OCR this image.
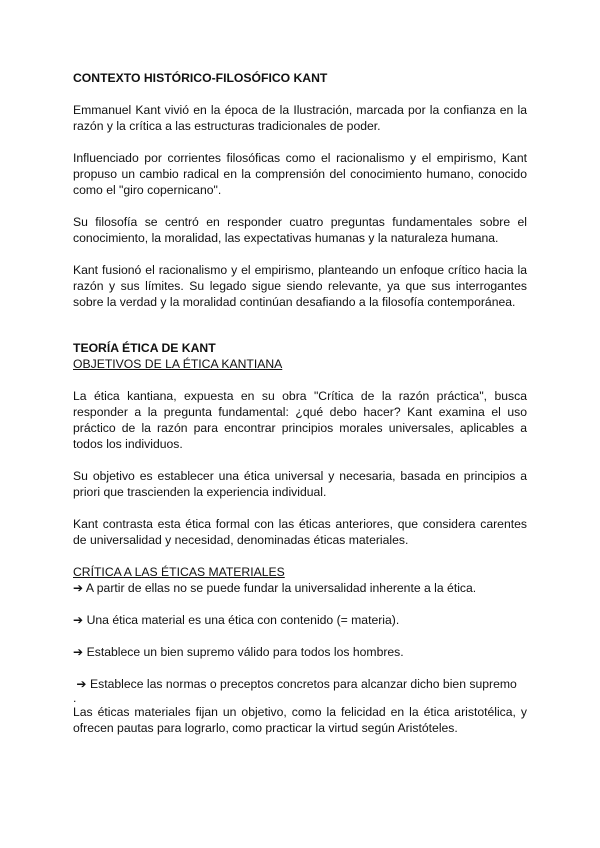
CONTEXTO HISTÓRICO-FILOSÓFICO KANT

Emmanuel Kant vivió en la época de la Ilustración, marcada por la confianza en la razón y la crítica a las estructuras tradicionales de poder.

Influenciado por corrientes filosóficas como el racionalismo y el empirismo, Kant propuso un cambio radical en la comprensión del conocimiento humano, conocido como el "giro copernicano".

Su filosofía se centró en responder cuatro preguntas fundamentales sobre el conocimiento, la moralidad, las expectativas humanas y la naturaleza humana.

Kant fusionó el racionalismo y el empirismo, planteando un enfoque crítico hacia la razón y sus límites. Su legado sigue siendo relevante, ya que sus interrogantes sobre la verdad y la moralidad continúan desafiando a la filosofía contemporánea.

TEORÍA ÉTICA DE KANT

OBJETIVOS DE LA ÉTICA KANTIANA

La ética kantiana, expuesta en su obra "Crítica de la razón práctica", busca responder a la pregunta fundamental: ¿qué debo hacer? Kant examina el uso práctico de la razón para encontrar principios morales universales, aplicables a todos los individuos.

Su objetivo es establecer una ética universal y necesaria, basada en principios a priori que trascienden la experiencia individual.

Kant contrasta esta ética formal con las éticas anteriores, que considera carentes de universalidad y necesidad, denominadas éticas materiales.

CRÍTICA A LAS ÉTICAS MATERIALES

➔ A partir de ellas no se puede fundar la universalidad inherente a la ética.

➔ Una ética material es una ética con contenido (= materia).

➔ Establece un bien supremo válido para todos los hombres.

➔ Establece las normas o preceptos concretos para alcanzar dicho bien supremo

.

Las éticas materiales fijan un objetivo, como la felicidad en la ética aristotélica, y ofrecen pautas para lograrlo, como practicar la virtud según Aristóteles.
